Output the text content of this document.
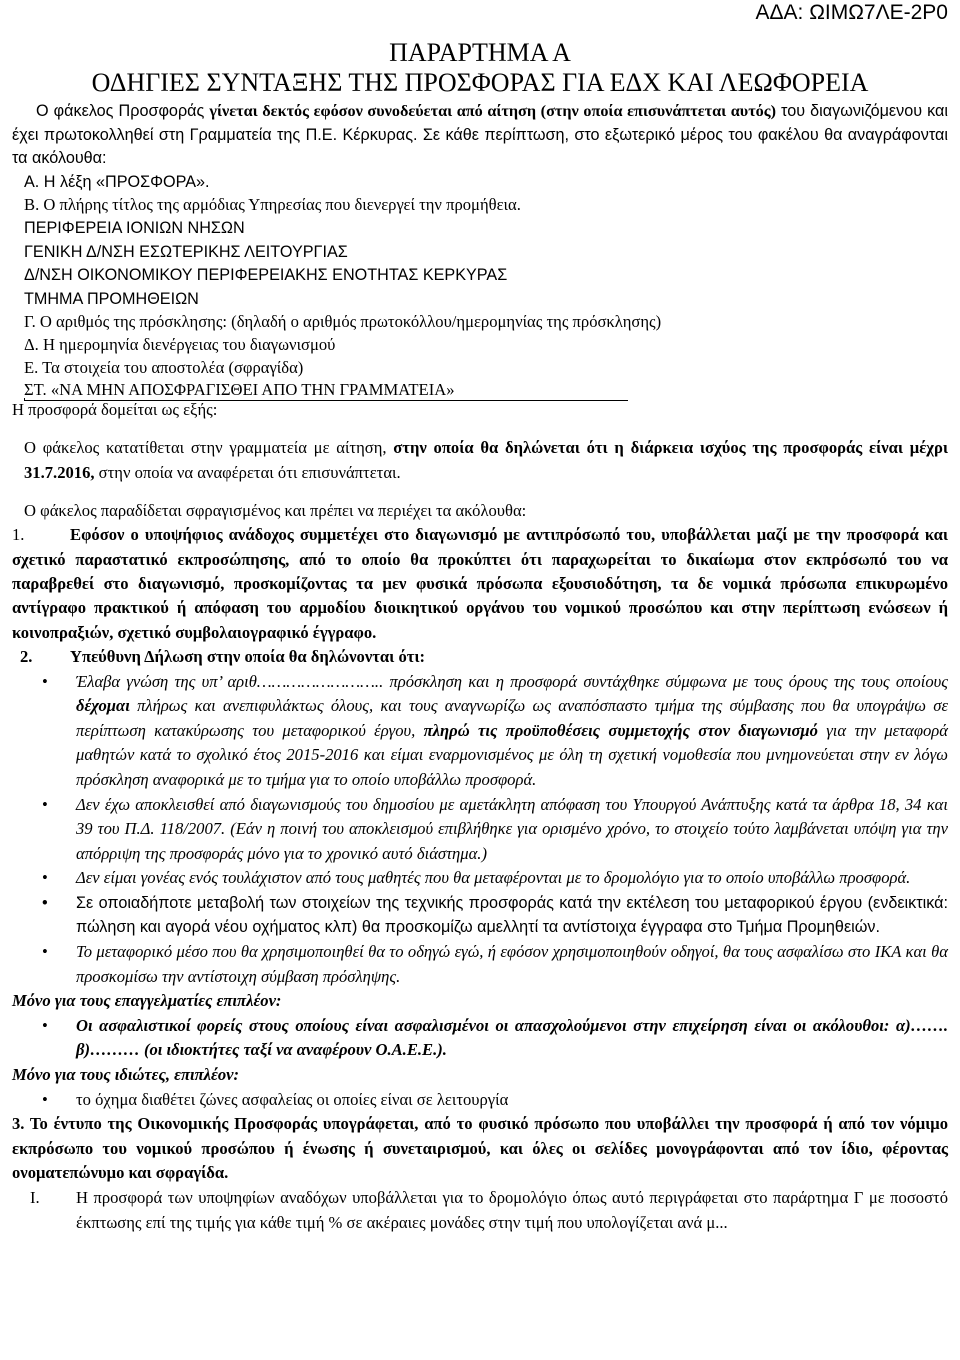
ΑΔΑ: ΩΙΜΩ7ΛΕ-2Ρ0
ΠΑΡΑΡΤΗΜΑ Α
ΟΔΗΓΙΕΣ ΣΥΝΤΑΞΗΣ ΤΗΣ ΠΡΟΣΦΟΡΑΣ ΓΙΑ ΕΔΧ ΚΑΙ ΛΕΩΦΟΡΕΙΑ

Ο φάκελος Προσφοράς γίνεται δεκτός εφόσον συνοδεύεται από αίτηση (στην οποία επισυνάπτεται αυτός) του διαγωνιζόμενου και έχει πρωτοκολληθεί στη Γραμματεία της Π.Ε. Κέρκυρας. Σε κάθε περίπτωση, στο εξωτερικό μέρος του φακέλου θα αναγράφονται τα ακόλουθα:

Α. Η λέξη «ΠΡΟΣΦΟΡΑ».
Β. Ο πλήρης τίτλος της αρμόδιας Υπηρεσίας που διενεργεί την προμήθεια.
ΠΕΡΙΦΕΡΕΙΑ ΙΟΝΙΩΝ ΝΗΣΩΝ
ΓΕΝΙΚΗ Δ/ΝΣΗ ΕΣΩΤΕΡΙΚΗΣ ΛΕΙΤΟΥΡΓΙΑΣ
Δ/ΝΣΗ ΟΙΚΟΝΟΜΙΚΟΥ ΠΕΡΙΦΕΡΕΙΑΚΗΣ ΕΝΟΤΗΤΑΣ ΚΕΡΚΥΡΑΣ
ΤΜΗΜΑ ΠΡΟΜΗΘΕΙΩΝ
Γ. Ο αριθμός της πρόσκλησης: (δηλαδή ο αριθμός πρωτοκόλλου/ημερομηνίας της πρόσκλησης)
Δ. Η ημερομηνία διενέργειας του διαγωνισμού
Ε. Τα στοιχεία του αποστολέα (σφραγίδα)
ΣΤ. «ΝΑ ΜΗΝ ΑΠΟΣΦΡΑΓΙΣΘΕΙ ΑΠΟ ΤΗΝ ΓΡΑΜΜΑΤΕΙΑ»
Η προσφορά δομείται ως εξής:

Ο φάκελος κατατίθεται στην γραμματεία με αίτηση, στην οποία θα δηλώνεται ότι η διάρκεια ισχύος της προσφοράς είναι μέχρι 31.7.2016, στην οποία να αναφέρεται ότι επισυνάπτεται.

Ο φάκελος παραδίδεται σφραγισμένος και πρέπει να περιέχει τα ακόλουθα:

1.	Εφόσον ο υποψήφιος ανάδοχος συμμετέχει στο διαγωνισμό με αντιπρόσωπό του, υποβάλλεται μαζί με την προσφορά και σχετικό παραστατικό εκπροσώπησης, από το οποίο θα προκύπτει ότι παραχωρείται το δικαίωμα στον εκπρόσωπό του να παραβρεθεί στο διαγωνισμό, προσκομίζοντας τα μεν φυσικά πρόσωπα εξουσιοδότηση, τα δε νομικά πρόσωπα επικυρωμένο αντίγραφο πρακτικού ή απόφαση του αρμοδίου διοικητικού οργάνου του νομικού προσώπου και στην περίπτωση ενώσεων ή κοινοπραξιών, σχετικό συμβολαιογραφικό έγγραφο.

2. Υπεύθυνη Δήλωση στην οποία θα δηλώνονται ότι:

• Έλαβα γνώση της υπ’ αριθ…………………….. πρόσκληση και η προσφορά συντάχθηκε σύμφωνα με τους όρους της τους οποίους δέχομαι πλήρως και ανεπιφυλάκτως όλους, και τους αναγνωρίζω ως αναπόσπαστο τμήμα της σύμβασης που θα υπογράψω σε περίπτωση κατακύρωσης του μεταφορικού έργου, πληρώ τις προϋποθέσεις συμμετοχής στον διαγωνισμό για την μεταφορά μαθητών κατά το σχολικό έτος 2015-2016 και είμαι εναρμονισμένος με όλη τη σχετική νομοθεσία που μνημονεύεται στην εν λόγω πρόσκληση αναφορικά με το τμήμα για το οποίο υποβάλλω προσφορά.
• Δεν έχω αποκλεισθεί από διαγωνισμούς του δημοσίου με αμετάκλητη απόφαση του Υπουργού Ανάπτυξης κατά τα άρθρα 18, 34 και 39 του Π.Δ. 118/2007. (Εάν η ποινή του αποκλεισμού επιβλήθηκε για ορισμένο χρόνο, το στοιχείο τούτο λαμβάνεται υπόψη για την απόρριψη της προσφοράς μόνο για το χρονικό αυτό διάστημα.)
• Δεν είμαι γονέας ενός τουλάχιστον από τους μαθητές που θα μεταφέρονται με το δρομολόγιο για το οποίο υποβάλλω προσφορά.
• Σε οποιαδήποτε μεταβολή των στοιχείων της τεχνικής προσφοράς κατά την εκτέλεση του μεταφορικού έργου (ενδεικτικά: πώληση και αγορά νέου οχήματος κλπ) θα προσκομίζω αμελλητί τα αντίστοιχα έγγραφα στο Τμήμα Προμηθειών.
• Το μεταφορικό μέσο που θα χρησιμοποιηθεί θα το οδηγώ εγώ, ή εφόσον χρησιμοποιηθούν οδηγοί, θα τους ασφαλίσω στο ΙΚΑ και θα προσκομίσω την αντίστοιχη σύμβαση πρόσληψης.
Μόνο για τους επαγγελματίες επιπλέον:
• Οι ασφαλιστικοί φορείς στους οποίους είναι ασφαλισμένοι οι απασχολούμενοι στην επιχείρηση είναι οι ακόλουθοι: α)……. β)……… (οι ιδιοκτήτες ταξί να αναφέρουν Ο.Α.Ε.Ε.).
Μόνο για τους ιδιώτες, επιπλέον:
• το όχημα διαθέτει ζώνες ασφαλείας οι οποίες είναι σε λειτουργία

3. Το έντυπο της Οικονομικής Προσφοράς υπογράφεται, από το φυσικό πρόσωπο που υποβάλλει την προσφορά ή από τον νόμιμο εκπρόσωπο του νομικού προσώπου ή ένωσης ή συνεταιρισμού, και όλες οι σελίδες μονογράφονται από τον ίδιο, φέροντας ονοματεπώνυμο και σφραγίδα.

Ι. Η προσφορά των υποψηφίων αναδόχων υποβάλλεται για το δρομολόγιο όπως αυτό περιγράφεται στο παράρτημα Γ με ποσοστό έκπτωσης επί της τιμής για κάθε τιμή % σε ακέραιες μονάδες στην τιμή που υπολογίζεται ανά μ...
